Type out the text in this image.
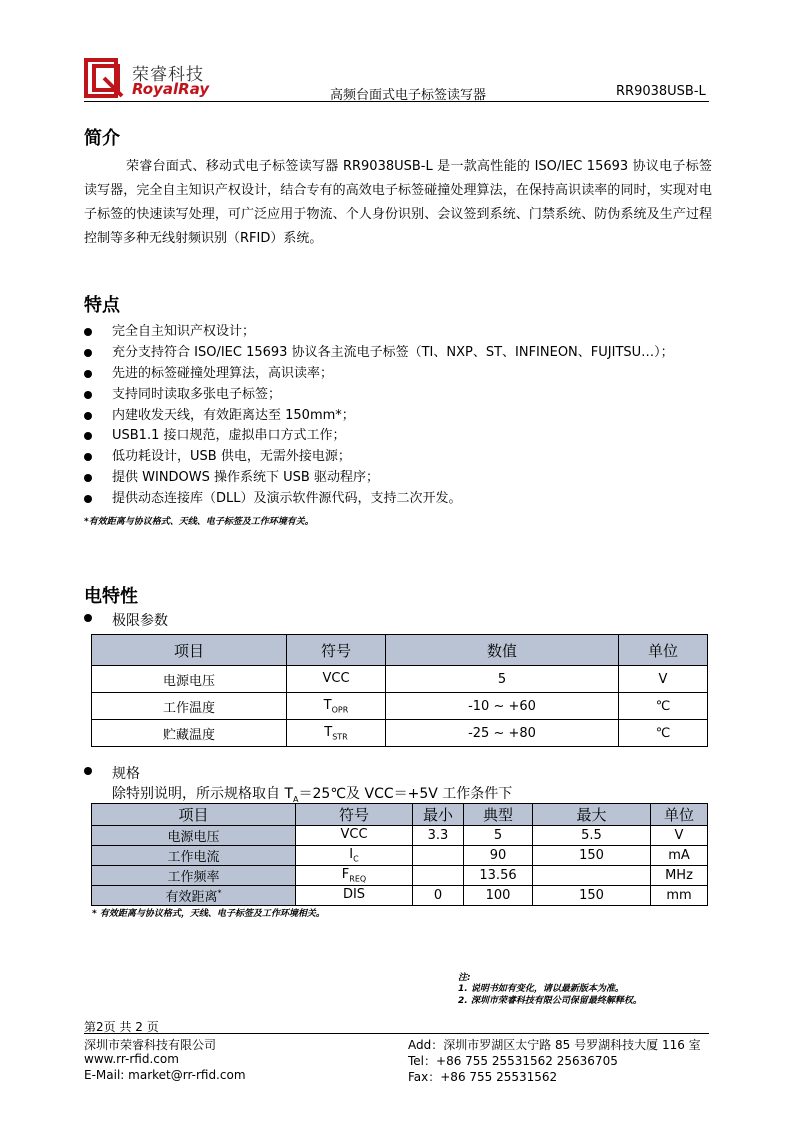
荣睿科技
RoyalRay	高频台面式电子标签读写器	RR9038USB-L
简介

荣睿台面式、移动式电子标签读写器 RR9038USB-L 是一款高性能的 ISO/IEC 15693 协议电子标签读写器，完全自主知识产权设计，结合专有的高效电子标签碰撞处理算法，在保持高识读率的同时，实现对电子标签的快速读写处理，可广泛应用于物流、个人身份识别、会议签到系统、门禁系统、防伪系统及生产过程控制等多种无线射频识别（RFID）系统。

特点
完全自主知识产权设计；
充分支持符合 ISO/IEC 15693 协议各主流电子标签（TI、NXP、ST、INFINEON、FUJITSU…）；
先进的标签碰撞处理算法，高识读率；
支持同时读取多张电子标签；
内建收发天线，有效距离达至 150mm*；
USB1.1 接口规范，虚拟串口方式工作；
低功耗设计，USB 供电，无需外接电源；
提供 WINDOWS 操作系统下 USB 驱动程序；
提供动态连接库（DLL）及演示软件源代码，支持二次开发。
*有效距离与协议格式、天线、电子标签及工作环境有关。
电特性
极限参数
项目	符号	数值	单位
电源电压	VCC	5	V
工作温度	$T_{OPR}$	-10 ~ +60	℃
贮藏温度	$T_{STR}$	-25 ~ +80	℃
规格
除特别说明，所示规格取自 $T_A=25℃$及 VCC＝+5V 工作条件下
项目	符号	最小	典型	最大	单位
电源电压	VCC	3.3	5	5.5	V
工作电流	$I_C$		90	150	mA
工作频率	$F_{REQ}$		13.56		MHz
有效距离*	DIS	0	100	150	mm
* 有效距离与协议格式，天线、电子标签及工作环境相关。
注:
1. 说明书如有变化，请以最新版本为准。
2. 深圳市荣睿科技有限公司保留最终解释权。
第2页 共 2 页
深圳市荣睿科技有限公司
www.rr-rfid.com
E-Mail: market@rr-rfid.com
Add：深圳市罗湖区太宁路 85 号罗湖科技大厦 116 室
Tel：+86 755 25531562 25636705
Fax：+86 755 25531562
